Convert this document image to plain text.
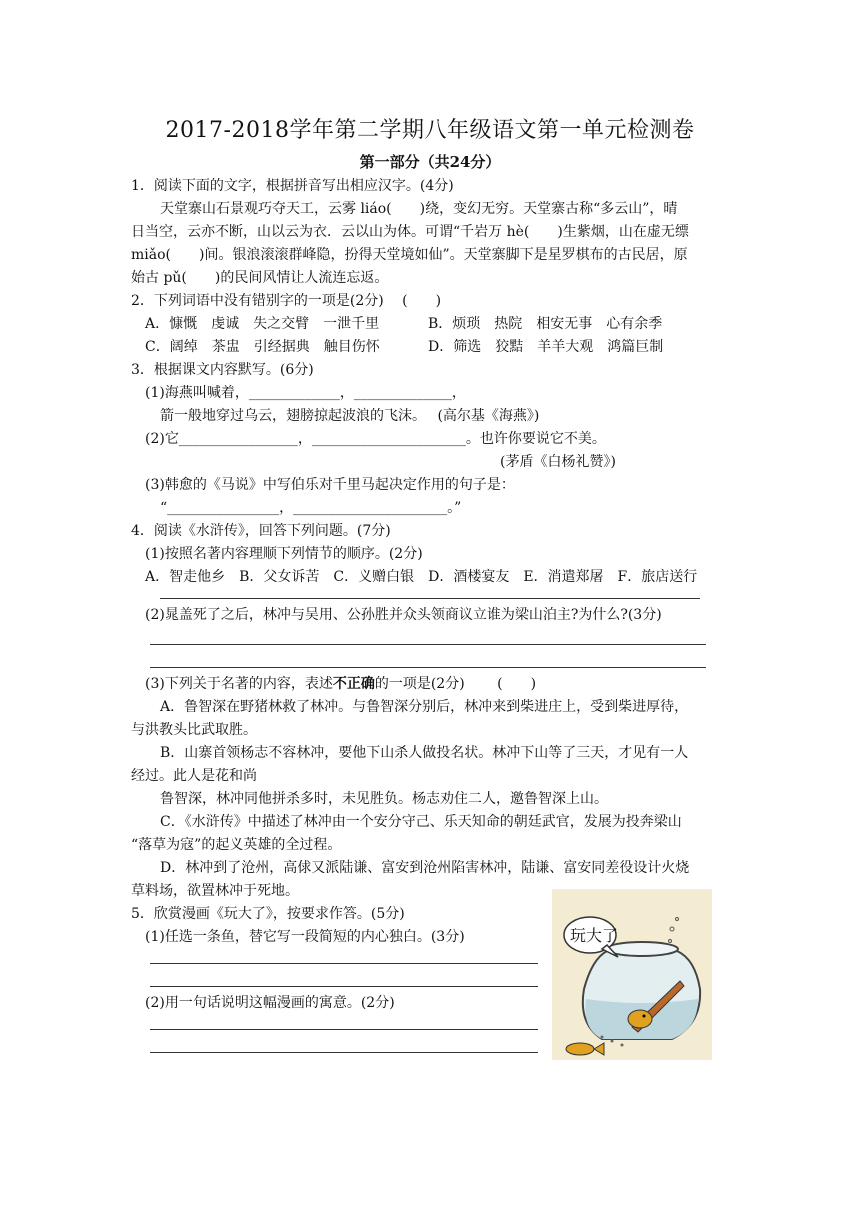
2017-2018学年第二学期八年级语文第一单元检测卷
第一部分（共24分）
1．阅读下面的文字，根据拼音写出相应汉字。(4分)
天堂寨山石景观巧夺天工，云雾 liáo(　　)绕，变幻无穷。天堂寨古称“多云山”，晴
日当空，云亦不断，山以云为衣．云以山为体。可谓“千岩万 hè(　　)生紫烟，山在虚无缥
miǎo(　　)间。银浪滚滚群峰隐，扮得天堂境如仙”。天堂寨脚下是星罗棋布的古民居，原
始古 pǔ(　　)的民间风情让人流连忘返。
2．下列词语中没有错别字的一项是(2分)　 (　　)
A．慷慨　虔诚　失之交臂　一泄千里	B．烦琐　热院　相安无事　心有余季
C．阔绰　茶盅　引经据典　触目伤怀	D．筛选　狡黠　羊羊大观　鸿篇巨制
3．根据课文内容默写。(6分)
(1)海燕叫喊着，_____________，______________，
箭一般地穿过乌云，翅膀掠起波浪的飞沫。　 (高尔基《海燕》)
(2)它_________________，______________________。也许你要说它不美。
(茅盾《白杨礼赞》)
(3)韩愈的《马说》中写伯乐对千里马起决定作用的句子是：
“________________，______________________。”
4．阅读《水浒传》，回答下列问题。(7分)
(1)按照名著内容理顺下列情节的顺序。(2分)
A．智走他乡　B．父女诉苦　C．义赠白银　D．酒楼宴友　E．消遣郑屠　F．旅店送行
(2)晁盖死了之后，林冲与吴用、公孙胜并众头领商议立谁为梁山泊主?为什么?(3分)
(3)下列关于名著的内容，表述不正确的一项是(2分)　　 (　　)
A．鲁智深在野猪林救了林冲。与鲁智深分别后，林冲来到柴进庄上，受到柴进厚待，
与洪教头比武取胜。
B．山寨首领杨志不容林冲，要他下山杀人做投名状。林冲下山等了三天，才见有一人
经过。此人是花和尚
鲁智深，林冲同他拼杀多时，未见胜负。杨志劝住二人，邀鲁智深上山。
C．《水浒传》中描述了林冲由一个安分守己、乐天知命的朝廷武官，发展为投奔梁山
“落草为寇”的起义英雄的全过程。
D．林冲到了沧州，高俅又派陆谦、富安到沧州陷害林冲，陆谦、富安同差役设计火烧
草料场，欲置林冲于死地。
5．欣赏漫画《玩大了》，按要求作答。(5分)
(1)任选一条鱼，替它写一段简短的内心独白。(3分)
(2)用一句话说明这幅漫画的寓意。(2分)
玩大了
